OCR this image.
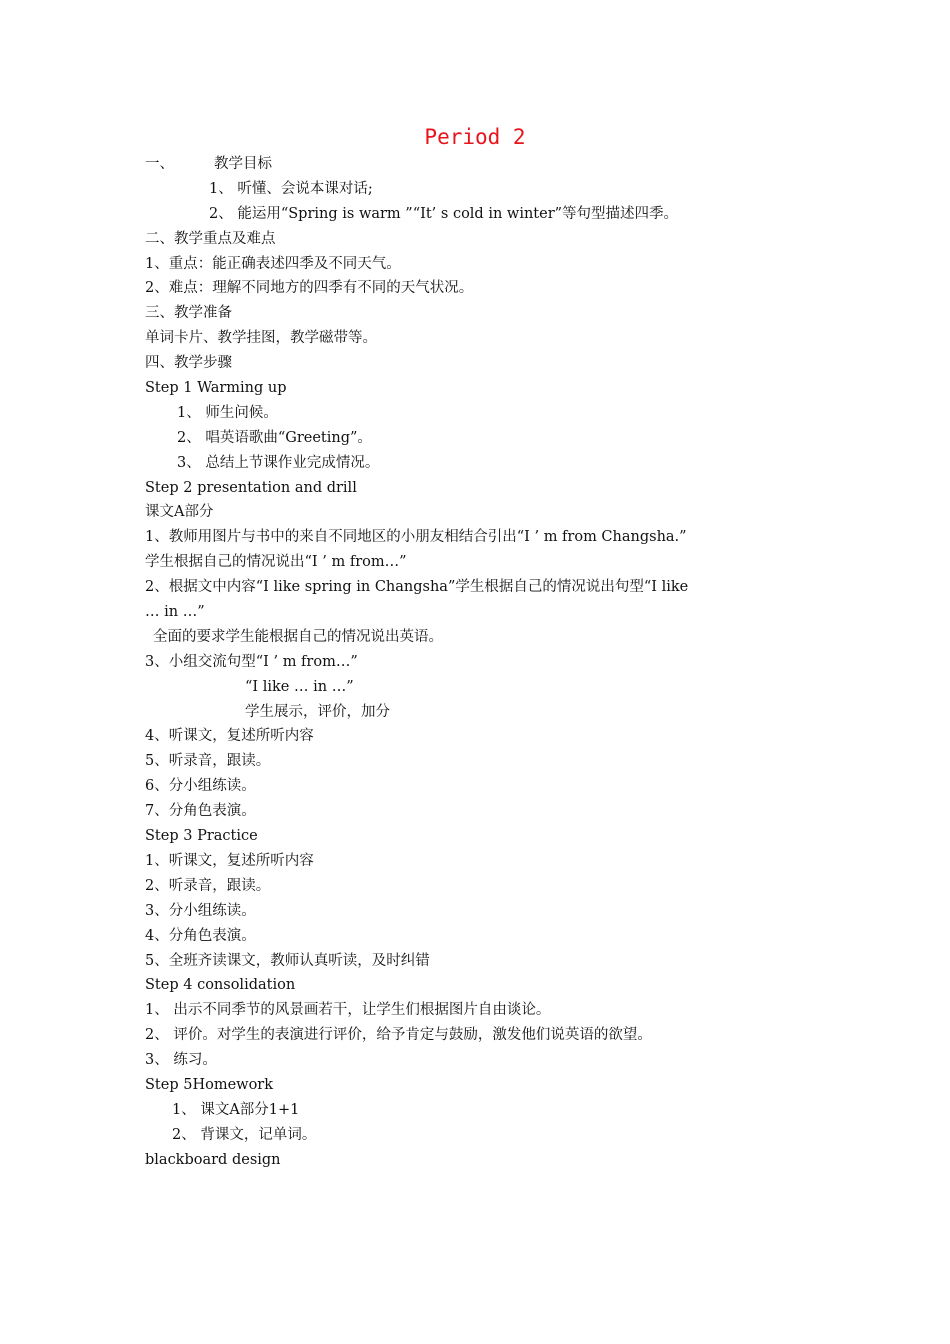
Period 2
一、	教学目标
1、 听懂、会说本课对话;
2、 能运用“Spring is warm ”“It’ s cold in winter”等句型描述四季。
二、教学重点及难点
1、重点：能正确表述四季及不同天气。
2、难点：理解不同地方的四季有不同的天气状况。
三、教学准备
单词卡片、教学挂图，教学磁带等。
四、教学步骤
Step 1 Warming up
1、 师生问候。
2、 唱英语歌曲“Greeting”。
3、 总结上节课作业完成情况。
Step 2 presentation and drill
课文A部分
1、教师用图片与书中的来自不同地区的小朋友相结合引出“I ’ m from Changsha.”
学生根据自己的情况说出“I ’ m from…”
2、根据文中内容“I like spring in Changsha”学生根据自己的情况说出句型“I like
… in …”
全面的要求学生能根据自己的情况说出英语。
3、小组交流句型“I ’ m from…”
“I like … in …”
学生展示，评价，加分
4、听课文，复述所听内容
5、听录音，跟读。
6、分小组练读。
7、分角色表演。
Step 3 Practice
1、听课文，复述所听内容
2、听录音，跟读。
3、分小组练读。
4、分角色表演。
5、全班齐读课文，教师认真听读，及时纠错
Step 4 consolidation
1、 出示不同季节的风景画若干，让学生们根据图片自由谈论。
2、 评价。对学生的表演进行评价，给予肯定与鼓励，激发他们说英语的欲望。
3、 练习。
Step 5Homework
1、 课文A部分1+1
2、 背课文，记单词。
blackboard design
